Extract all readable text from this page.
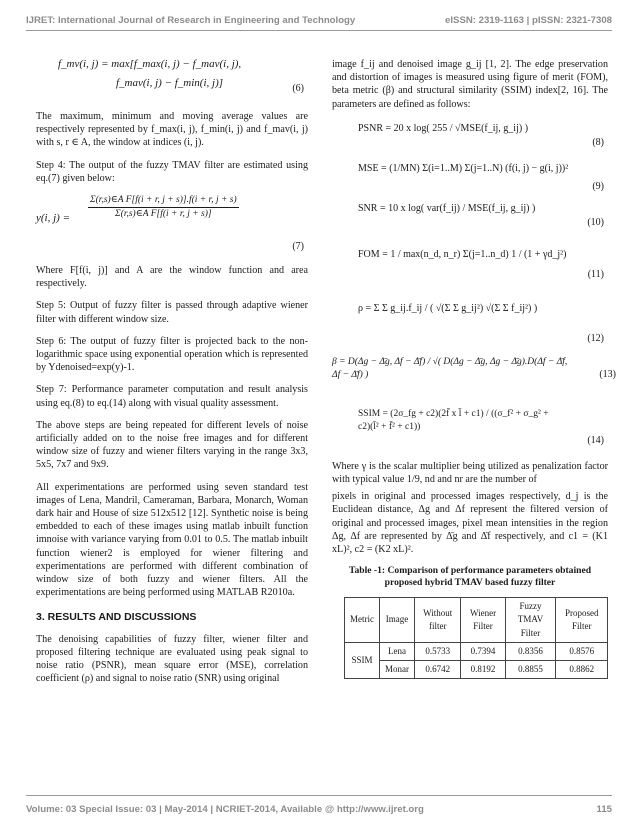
IJRET: International Journal of Research in Engineering and Technology	eISSN: 2319-1163 | pISSN: 2321-7308
f_mv(i, j) = max[f_max(i, j) − f_mav(i, j),
f_mav(i, j) − f_min(i, j)]	(6)

The maximum, minimum and moving average values are respectively represented by f_max(i, j), f_min(i, j) and f_mav(i, j) with s, r ∈ A, the window at indices (i, j).

Step 4: The output of the fuzzy TMAV filter are estimated using eq.(7) given below:

y(i, $j) = \frac{\text{Σ(r,s)∈A F[f(i + r, j + s)].f(i + r, j + s)}}{\text{Σ(r,s)∈A F[f(i + r, j + s)]}}$
(7)

Where F[f(i, j)] and A are the window function and area respectively.

Step 5: Output of fuzzy filter is passed through adaptive wiener filter with different window size.

Step 6: The output of fuzzy filter is projected back to the non-logarithmic space using exponential operation which is represented by Ydenoised=exp(y)-1.

Step 7: Performance parameter computation and result analysis using eq.(8) to eq.(14) along with visual quality assessment.

The above steps are being repeated for different levels of noise artificially added on to the noise free images and for different window size of fuzzy and wiener filters varying in the range 3x3, 5x5, 7x7 and 9x9.

All experimentations are performed using seven standard test images of Lena, Mandril, Cameraman, Barbara, Monarch, Woman dark hair and House of size 512x512 [12]. Synthetic noise is being embedded to each of these images using matlab inbuilt function imnoise with variance varying from 0.01 to 0.5. The matlab inbuilt function wiener2 is employed for wiener filtering and experimentations are performed with different combination of window size of both fuzzy and wiener filters. All the experimentations are being performed using MATLAB R2010a.

3. RESULTS AND DISCUSSIONS

The denoising capabilities of fuzzy filter, wiener filter and proposed filtering technique are evaluated using peak signal to noise ratio (PSNR), mean square error (MSE), correlation coefficient (ρ) and signal to noise ratio (SNR) using original

image f_ij and denoised image g_ij [1, 2]. The edge preservation and distortion of images is measured using figure of merit (FOM), beta metric (β) and structural similarity (SSIM) index[2, 16]. The parameters are defined as follows:

PSNR = 20 x log( 255 / √MSE(f_ij, g_ij) )
(8)
MSE = (1/MN) Σ(i=1..M) Σ(j=1..N) (f(i, j) − g(i, j))²
(9)
SNR = 10 x log( var(f_ij) / MSE(f_ij, g_ij) )
(10)
FOM = 1 / max(n_d, n_r) Σ(j=1..n_d) 1 / (1 + γd_j²)
(11)
ρ = Σ Σ g_ij.f_ij / ( √(Σ Σ g_ij²) √(Σ Σ f_ij²) )
(12)
β = D(Δg − Δ̄g, Δf − Δ̄f) / √( D(Δg − Δ̄g, Δg − Δ̄g).D(Δf − Δ̄f, Δf − Δ̄f) )	(13)
SSIM = (2σ_fg + c2)(2f̄ x l̄ + c1) / ((σ_f² + σ_g² + c2)(l̄² + f̄² + c1))
(14)

Where γ is the scalar multiplier being utilized as penalization factor with typical value 1/9, nd and nr are the number of

pixels in original and processed images respectively, d_j is the Euclidean distance, Δg and Δf represent the filtered version of original and processed images, pixel mean intensities in the region Δg, Δf are represented by Δ̄g and Δ̄f respectively, and c1 = (K1 xL)², c2 = (K2 xL)².

Table -1: Comparison of performance parameters obtained proposed hybrid TMAV based fuzzy filter
Metric	Image	Without filter	Wiener Filter	Fuzzy TMAV Filter	Proposed Filter
SSIM	Lena	0.5733	0.7394	0.8356	0.8576
	Monar	0.6742	0.8192	0.8855	0.8862
Volume: 03 Special Issue: 03 | May-2014 | NCRIET-2014, Available @ http://www.ijret.org	115
